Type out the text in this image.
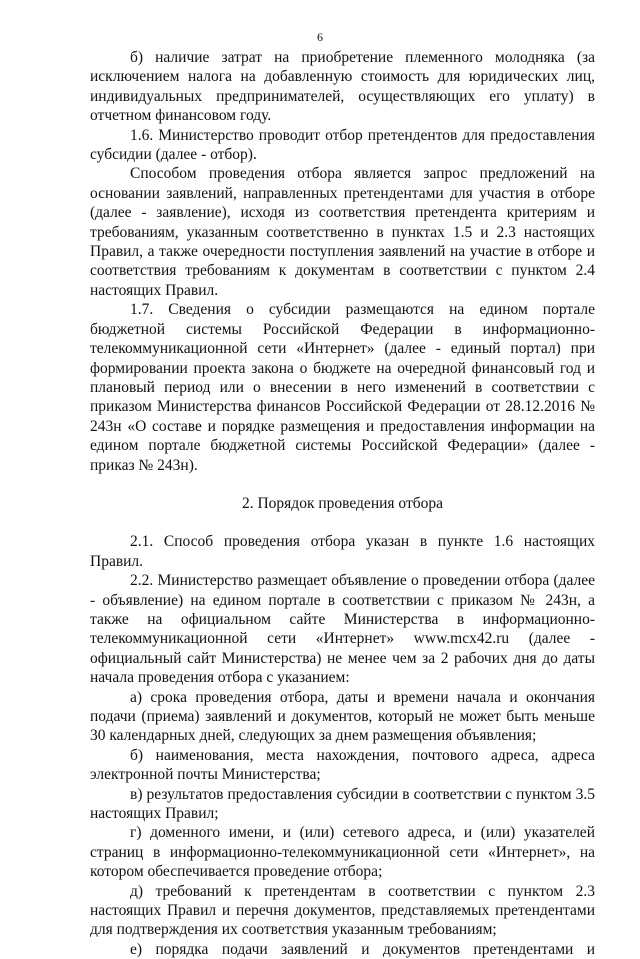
6

б) наличие затрат на приобретение племенного молодняка (за исключением налога на добавленную стоимость для юридических лиц, индивидуальных предпринимателей, осуществляющих его уплату) в отчетном финансовом году.

1.6. Министерство проводит отбор претендентов для предоставления субсидии (далее - отбор).

Способом проведения отбора является запрос предложений на основании заявлений, направленных претендентами для участия в отборе (далее - заявление), исходя из соответствия претендента критериям и требованиям, указанным соответственно в пунктах 1.5 и 2.3 настоящих Правил, а также очередности поступления заявлений на участие в отборе и соответствия требованиям к документам в соответствии с пунктом 2.4 настоящих Правил.

1.7. Сведения о субсидии размещаются на едином портале бюджетной системы Российской Федерации в информационно-телекоммуникационной сети «Интернет» (далее - единый портал) при формировании проекта закона о бюджете на очередной финансовый год и плановый период или о внесении в него изменений в соответствии с приказом Министерства финансов Российской Федерации от 28.12.2016 № 243н «О составе и порядке размещения и предоставления информации на едином портале бюджетной системы Российской Федерации» (далее - приказ № 243н).

2. Порядок проведения отбора

2.1. Способ проведения отбора указан в пункте 1.6 настоящих Правил.

2.2. Министерство размещает объявление о проведении отбора (далее - объявление) на едином портале в соответствии с приказом № 243н, а также на официальном сайте Министерства в информационно-телекоммуникационной сети «Интернет» www.mcx42.ru (далее - официальный сайт Министерства) не менее чем за 2 рабочих дня до даты начала проведения отбора с указанием:

а) срока проведения отбора, даты и времени начала и окончания подачи (приема) заявлений и документов, который не может быть меньше 30 календарных дней, следующих за днем размещения объявления;

б) наименования, места нахождения, почтового адреса, адреса электронной почты Министерства;

в) результатов предоставления субсидии в соответствии с пунктом 3.5 настоящих Правил;

г) доменного имени, и (или) сетевого адреса, и (или) указателей страниц в информационно-телекоммуникационной сети «Интернет», на котором обеспечивается проведение отбора;

д) требований к претендентам в соответствии с пунктом 2.3 настоящих Правил и перечня документов, представляемых претендентами для подтверждения их соответствия указанным требованиям;

е) порядка подачи заявлений и документов претендентами и
